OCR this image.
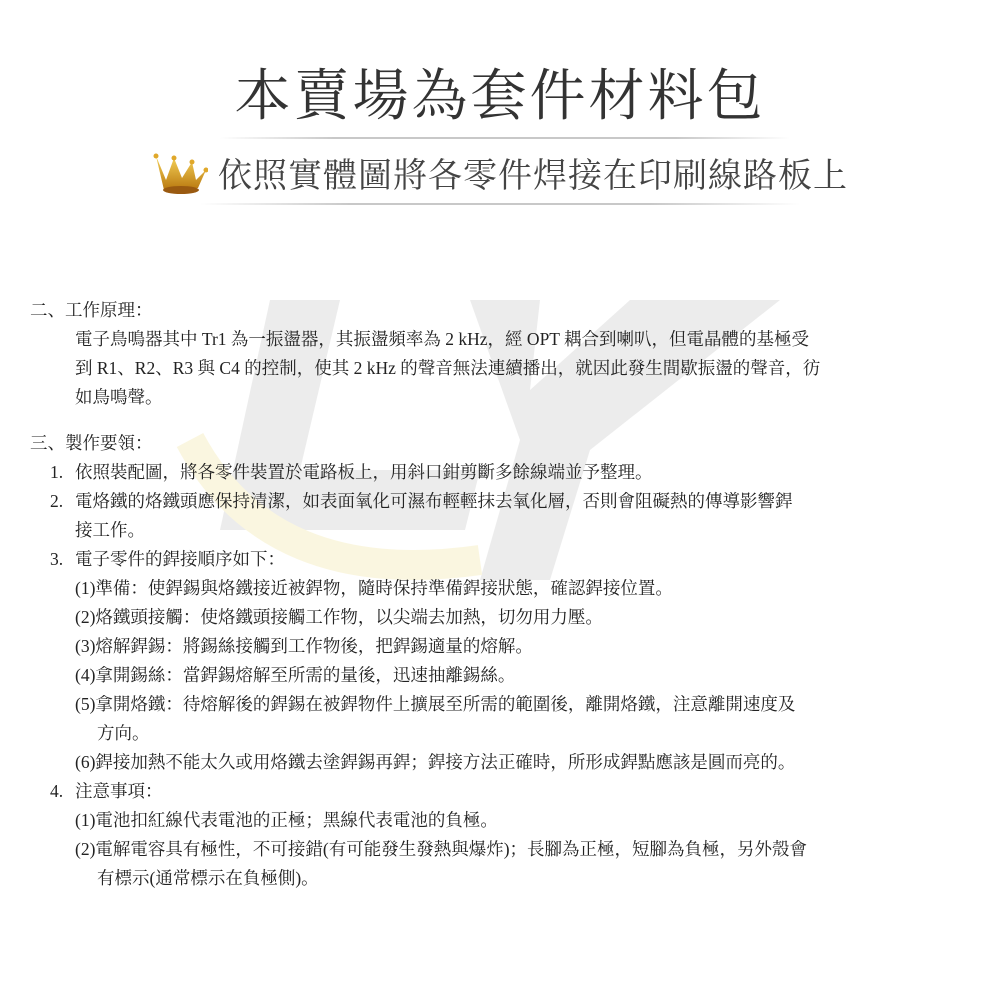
本賣場為套件材料包
依照實體圖將各零件焊接在印刷線路板上
二、工作原理：
電子鳥鳴器其中 Tr1 為一振盪器，其振盪頻率為 2 kHz，經 OPT 耦合到喇叭，但電晶體的基極受
到 R1、R2、R3 與 C4 的控制，使其 2 kHz 的聲音無法連續播出，就因此發生間歇振盪的聲音，彷
如鳥鳴聲。
三、製作要領：
1. 依照裝配圖，將各零件裝置於電路板上，用斜口鉗剪斷多餘線端並予整理。
2. 電烙鐵的烙鐵頭應保持清潔，如表面氧化可濕布輕輕抹去氧化層，否則會阻礙熱的傳導影響銲
接工作。
3. 電子零件的銲接順序如下：
(1)準備：使銲錫與烙鐵接近被銲物，隨時保持準備銲接狀態，確認銲接位置。
(2)烙鐵頭接觸：使烙鐵頭接觸工作物，以尖端去加熱，切勿用力壓。
(3)熔解銲錫：將錫絲接觸到工作物後，把銲錫適量的熔解。
(4)拿開錫絲：當銲錫熔解至所需的量後，迅速抽離錫絲。
(5)拿開烙鐵：待熔解後的銲錫在被銲物件上擴展至所需的範圍後，離開烙鐵，注意離開速度及
方向。
(6)銲接加熱不能太久或用烙鐵去塗銲錫再銲；銲接方法正確時，所形成銲點應該是圓而亮的。
4. 注意事項：
(1)電池扣紅線代表電池的正極；黑線代表電池的負極。
(2)電解電容具有極性，不可接錯(有可能發生發熱與爆炸)；長腳為正極，短腳為負極，另外殼會
有標示(通常標示在負極側)。
